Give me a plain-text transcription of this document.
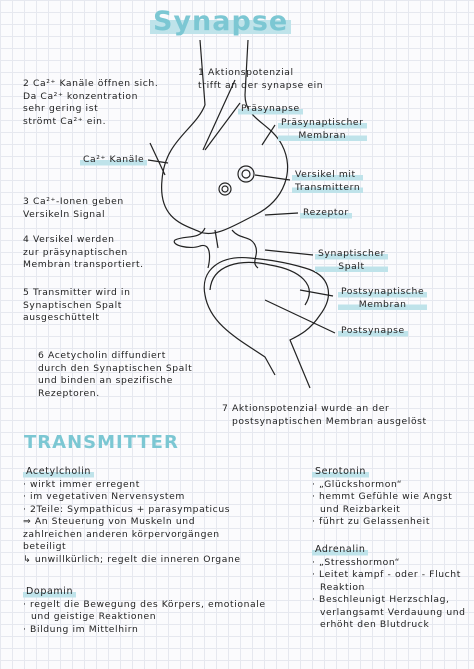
Synapse
1 Aktionspotenzial
trifft an der synapse ein
2 Ca²⁺ Kanäle öffnen sich.
Da Ca²⁺ konzentration
sehr gering ist
strömt Ca²⁺ ein.
3 Ca²⁺-Ionen geben
Versikeln Signal
4 Versikel werden
zur präsynaptischen
Membran transportiert.
5 Transmitter wird in
Synaptischen Spalt
ausgeschüttelt
6 Acetycholin diffundiert
durch den Synaptischen Spalt
und binden an spezifische
Rezeptoren.
7 Aktionspotenzial wurde an der
postsynaptischen Membran ausgelöst
Präsynapse
Präsynaptischer
Membran
Ca²⁺ Kanäle
Versikel mit
Transmittern
Rezeptor
Synaptischer
Spalt
Postsynaptische
Membran
Postsynapse
TRANSMITTER
Acetylcholin
· wirkt immer erregent
· im vegetativen Nervensystem
· 2Teile: Sympathicus + parasympaticus
⇒ An Steuerung von Muskeln und
zahlreichen anderen körpervorgängen
beteiligt
↳ unwillkürlich; regelt die inneren Organe
Dopamin
· regelt die Bewegung des Körpers, emotionale
und geistige Reaktionen
· Bildung im Mittelhirn
Serotonin
· „Glückshormon“
· hemmt Gefühle wie Angst
und Reizbarkeit
· führt zu Gelassenheit
Adrenalin
· „Stresshormon“
· Leitet kampf - oder - Flucht
Reaktion
· Beschleunigt Herzschlag,
verlangsamt Verdauung und
erhöht den Blutdruck
